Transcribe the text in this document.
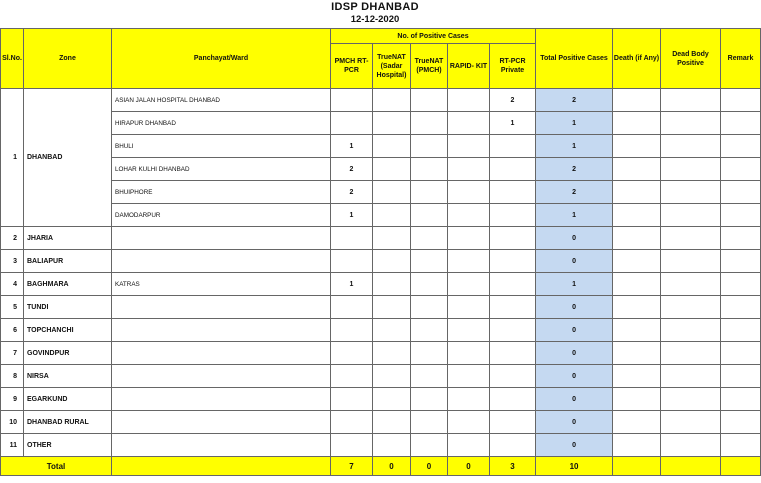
IDSP DHANBAD
12-12-2020
Sl.No.	Zone	Panchayat/Ward	No. of Positive Cases					Total Positive Cases	Death (if Any)	Dead Body Positive	Remark
			PMCH RT-PCR	TrueNAT (Sadar Hospital)	TrueNAT (PMCH)	RAPID- KIT	RT-PCR Private				
1	DHANBAD	ASIAN JALAN HOSPITAL DHANBAD					2	2			
		HIRAPUR DHANBAD					1	1			
		BHULI	1					1			
		LOHAR KULHI DHANBAD	2					2			
		BHUIPHORE	2					2			
		DAMODARPUR	1					1			
2	JHARIA							0			
3	BALIAPUR							0			
4	BAGHMARA	KATRAS	1					1			
5	TUNDI							0			
6	TOPCHANCHI							0			
7	GOVINDPUR							0			
8	NIRSA							0			
9	EGARKUND							0			
10	DHANBAD RURAL							0			
11	OTHER							0			
Total			7	0	0	0	3	10			
